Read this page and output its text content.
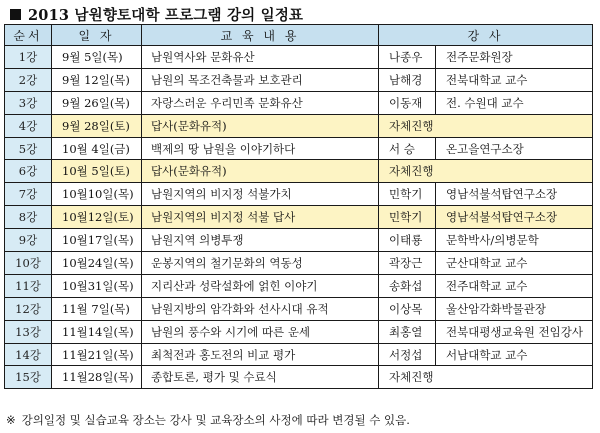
2013 남원향토대학 프로그램 강의 일정표
순서	일 자	교 육 내 용	강 사	
1강	9월 5일(목)	남원역사와 문화유산	나종우	전주문화원장
2강	9월 12일(목)	남원의 목조건축물과 보호관리	남해경	전북대학교 교수
3강	9월 26일(목)	자랑스러운 우리민족 문화유산	이동재	전. 수원대 교수
4강	9월 28일(토)	답사(문화유적)	자체진행	
5강	10월 4일(금)	백제의 땅 남원을 이야기하다	서 승	온고을연구소장
6강	10월 5일(토)	답사(문화유적)	자체진행	
7강	10월10일(목)	남원지역의 비지정 석불가치	민학기	영남석불석탑연구소장
8강	10월12일(토)	남원지역의 비지정 석불 답사	민학기	영남석불석탑연구소장
9강	10월17일(목)	남원지역 의병투쟁	이태룡	문학박사/의병문학
10강	10월24일(목)	운봉지역의 철기문화의 역동성	곽장근	군산대학교 교수
11강	10월31일(목)	지리산과 성락설화에 얽힌 이야기	송화섭	전주대학교 교수
12강	11월 7일(목)	남원지방의 암각화와 선사시대 유적	이상목	울산암각화박물관장
13강	11월14일(목)	남원의 풍수와 시기에 따른 운세	최홍열	전북대평생교육원 전임강사
14강	11월21일(목)	최척전과 홍도전의 비교 평가	서정섭	서남대학교 교수
15강	11월28일(목)	종합토론, 평가 및 수료식	자체진행	
※ 강의일정 및 실습교육 장소는 강사 및 교육장소의 사정에 따라 변경될 수 있음.
